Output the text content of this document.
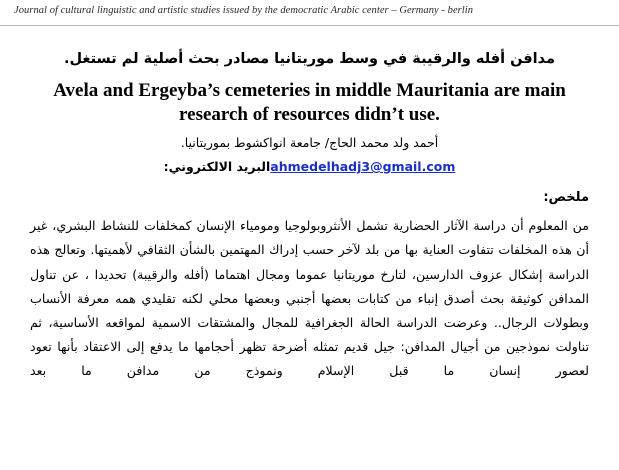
Journal of cultural linguistic and artistic studies issued by the democratic Arabic center – Germany - berlin
مدافن أفله والرقيبة في وسط موريتانيا مصادر بحث أصلية لم تستغل.
Avela and Ergeyba’s cemeteries in middle Mauritania are main research of resources didn’t use.
أحمد ولد محمد الحاج/ جامعة انواكشوط بموريتانيا.
ahmedelhadj3@gmail.comالبريد الالكتروني:
ملخص:

من المعلوم أن دراسة الآثار الحضارية تشمل الأنثروبولوجيا ومومياء الإنسان كمخلفات للنشاط البشري، غير أن هذه المخلفات تتفاوت العناية بها من بلد لآخر حسب إدراك المهتمين بالشأن الثقافي لأهميتها. وتعالج هذه الدراسة إشكال عزوف الدارسين، لتارخ موريتانيا عموما ومجال اهتماما (أفله والرقيبة) تحديدا ، عن تناول المدافن كوثيقة بحث أصدق إنباء من كتابات بعضها أجنبي وبعضها محلي لكنه تقليدي همه معرفة الأنساب وبطولات الرجال.. وعرضت الدراسة الحالة الجغرافية للمجال والمشتقات الاسمية لمواقعه الأساسية، ثم تناولت نموذجين من أجيال المدافن: جيل قديم تمثله أضرحة تظهر أحجامها ما يدفع إلى الاعتقاد بأنها تعود لعصور إنسان ما قبل الإسلام ونموذج من مدافن ما بعد
